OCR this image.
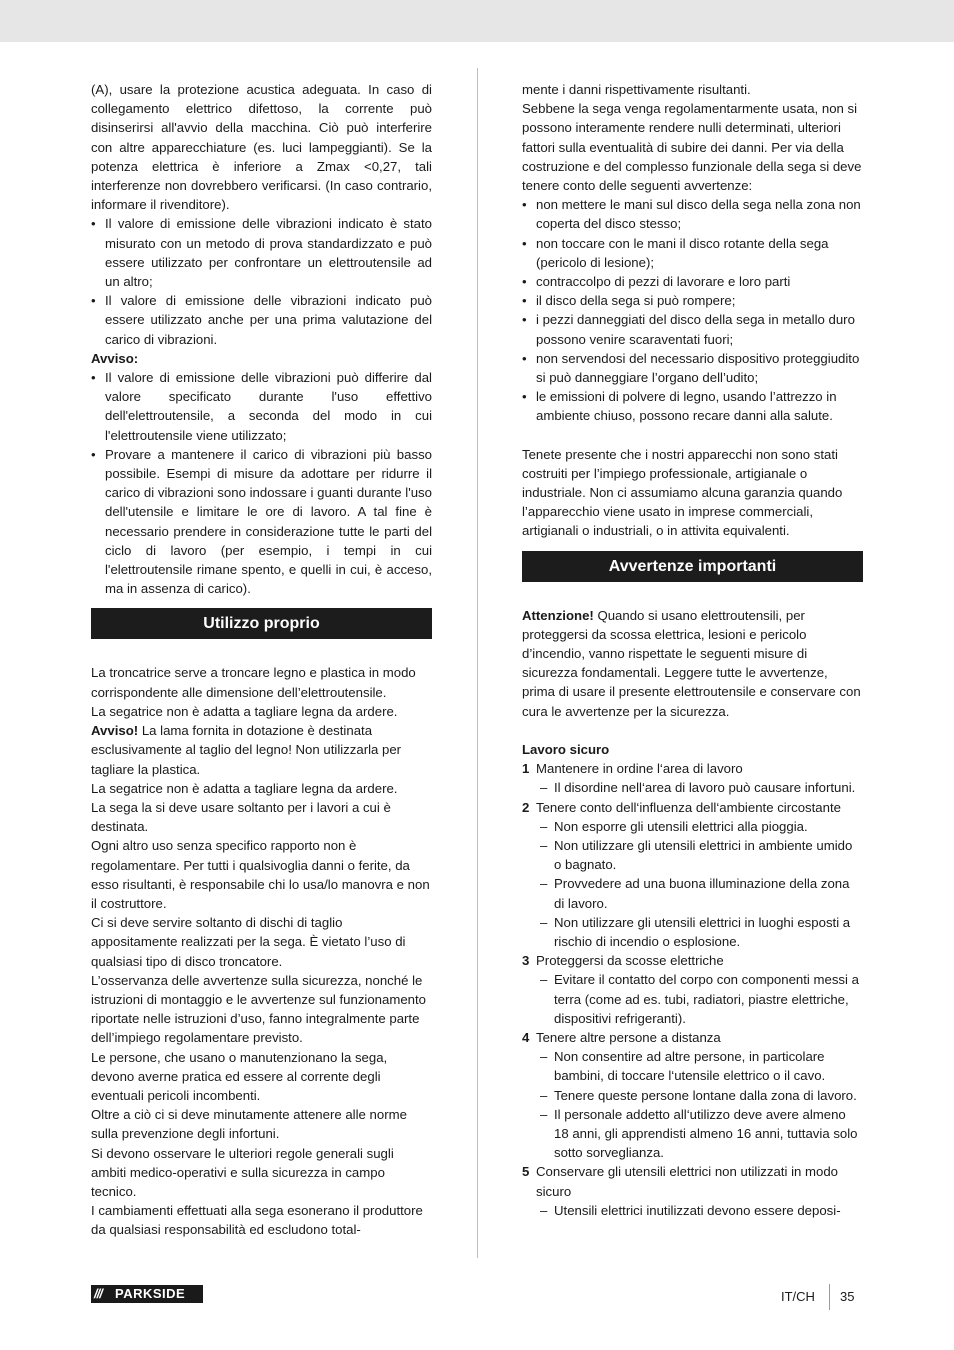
(A), usare la protezione acustica adeguata. In caso di collegamento elettrico difettoso, la corrente può disinserirsi all'avvio della macchina. Ciò può interferire con altre apparecchiature (es. luci lampeggianti). Se la potenza elettrica è inferiore a Zmax <0,27, tali interferenze non dovrebbero verificarsi. (In caso contrario, informare il rivenditore).

• Il valore di emissione delle vibrazioni indicato è stato misurato con un metodo di prova standardizzato e può essere utilizzato per confrontare un elettroutensile ad un altro;

• Il valore di emissione delle vibrazioni indicato può essere utilizzato anche per una prima valutazione del carico di vibrazioni.

Avviso:

• Il valore di emissione delle vibrazioni può differire dal valore specificato durante l'uso effettivo dell'elettroutensile, a seconda del modo in cui l'elettroutensile viene utilizzato;

• Provare a mantenere il carico di vibrazioni più basso possibile. Esempi di misure da adottare per ridurre il carico di vibrazioni sono indossare i guanti durante l'uso dell'utensile e limitare le ore di lavoro. A tal fine è necessario prendere in considerazione tutte le parti del ciclo di lavoro (per esempio, i tempi in cui l'elettroutensile rimane spento, e quelli in cui, è acceso, ma in assenza di carico).

Utilizzo proprio

La troncatrice serve a troncare legno e plastica in modo corrispondente alle dimensione dell’elettroutensile.

La segatrice non è adatta a tagliare legna da ardere.

Avviso! La lama fornita in dotazione è destinata esclusivamente al taglio del legno! Non utilizzarla per tagliare la plastica.

La segatrice non è adatta a tagliare legna da ardere.

La sega la si deve usare soltanto per i lavori a cui è destinata.

Ogni altro uso senza specifico rapporto non è regolamentare. Per tutti i qualsivoglia danni o ferite, da esso risultanti, è responsabile chi lo usa/lo manovra e non il costruttore.

Ci si deve servire soltanto di dischi di taglio appositamente realizzati per la sega. È vietato l’uso di qualsiasi tipo di disco troncatore.

L’osservanza delle avvertenze sulla sicurezza, nonché le istruzioni di montaggio e le avvertenze sul funzionamento riportate nelle istruzioni d’uso, fanno integralmente parte dell’impiego regolamentare previsto.

Le persone, che usano o manutenzionano la sega, devono averne pratica ed essere al corrente degli eventuali pericoli incombenti.

Oltre a ciò ci si deve minutamente attenere alle norme sulla prevenzione degli infortuni.

Si devono osservare le ulteriori regole generali sugli ambiti medico-operativi e sulla sicurezza in campo tecnico.

I cambiamenti effettuati alla sega esonerano il produttore da qualsiasi responsabilità ed escludono total-

mente i danni rispettivamente risultanti.

Sebbene la sega venga regolamentarmente usata, non si possono interamente rendere nulli determinati, ulteriori fattori sulla eventualità di subire dei danni. Per via della costruzione e del complesso funzionale della sega si deve tenere conto delle seguenti avvertenze:

• non mettere le mani sul disco della sega nella zona non coperta del disco stesso;

• non toccare con le mani il disco rotante della sega (pericolo di lesione);

• contraccolpo di pezzi di lavorare e loro parti

• il disco della sega si può rompere;

• i pezzi danneggiati del disco della sega in metallo duro possono venire scaraventati fuori;

• non servendosi del necessario dispositivo proteggiudito si può danneggiare l’organo dell’udito;

• le emissioni di polvere di legno, usando l’attrezzo in ambiente chiuso, possono recare danni alla salute.

Tenete presente che i nostri apparecchi non sono stati costruiti per l’impiego professionale, artigianale o industriale. Non ci assumiamo alcuna garanzia quando l’apparecchio viene usato in imprese commerciali, artigianali o industriali, o in attivita equivalenti.

Avvertenze importanti

Attenzione! Quando si usano elettroutensili, per proteggersi da scossa elettrica, lesioni e pericolo d’incendio, vanno rispettate le seguenti misure di sicurezza fondamentali. Leggere tutte le avvertenze, prima di usare il presente elettroutensile e conservare con cura le avvertenze per la sicurezza.

Lavoro sicuro

1 Mantenere in ordine l‘area di lavoro

– Il disordine nell‘area di lavoro può causare infortuni.

2 Tenere conto dell‘influenza dell‘ambiente circostante

– Non esporre gli utensili elettrici alla pioggia.

– Non utilizzare gli utensili elettrici in ambiente umido o bagnato.

– Provvedere ad una buona illuminazione della zona di lavoro.

– Non utilizzare gli utensili elettrici in luoghi esposti a rischio di incendio o esplosione.

3 Proteggersi da scosse elettriche

– Evitare il contatto del corpo con componenti messi a terra (come ad es. tubi, radiatori, piastre elettriche, dispositivi refrigeranti).

4 Tenere altre persone a distanza

– Non consentire ad altre persone, in particolare bambini, di toccare l‘utensile elettrico o il cavo.

– Tenere queste persone lontane dalla zona di lavoro.

– Il personale addetto all‘utilizzo deve avere almeno 18 anni, gli apprendisti almeno 16 anni, tuttavia solo sotto sorveglianza.

5 Conservare gli utensili elettrici non utilizzati in modo sicuro

– Utensili elettrici inutilizzati devono essere deposi-

/// PARKSIDE	IT/CH 35
